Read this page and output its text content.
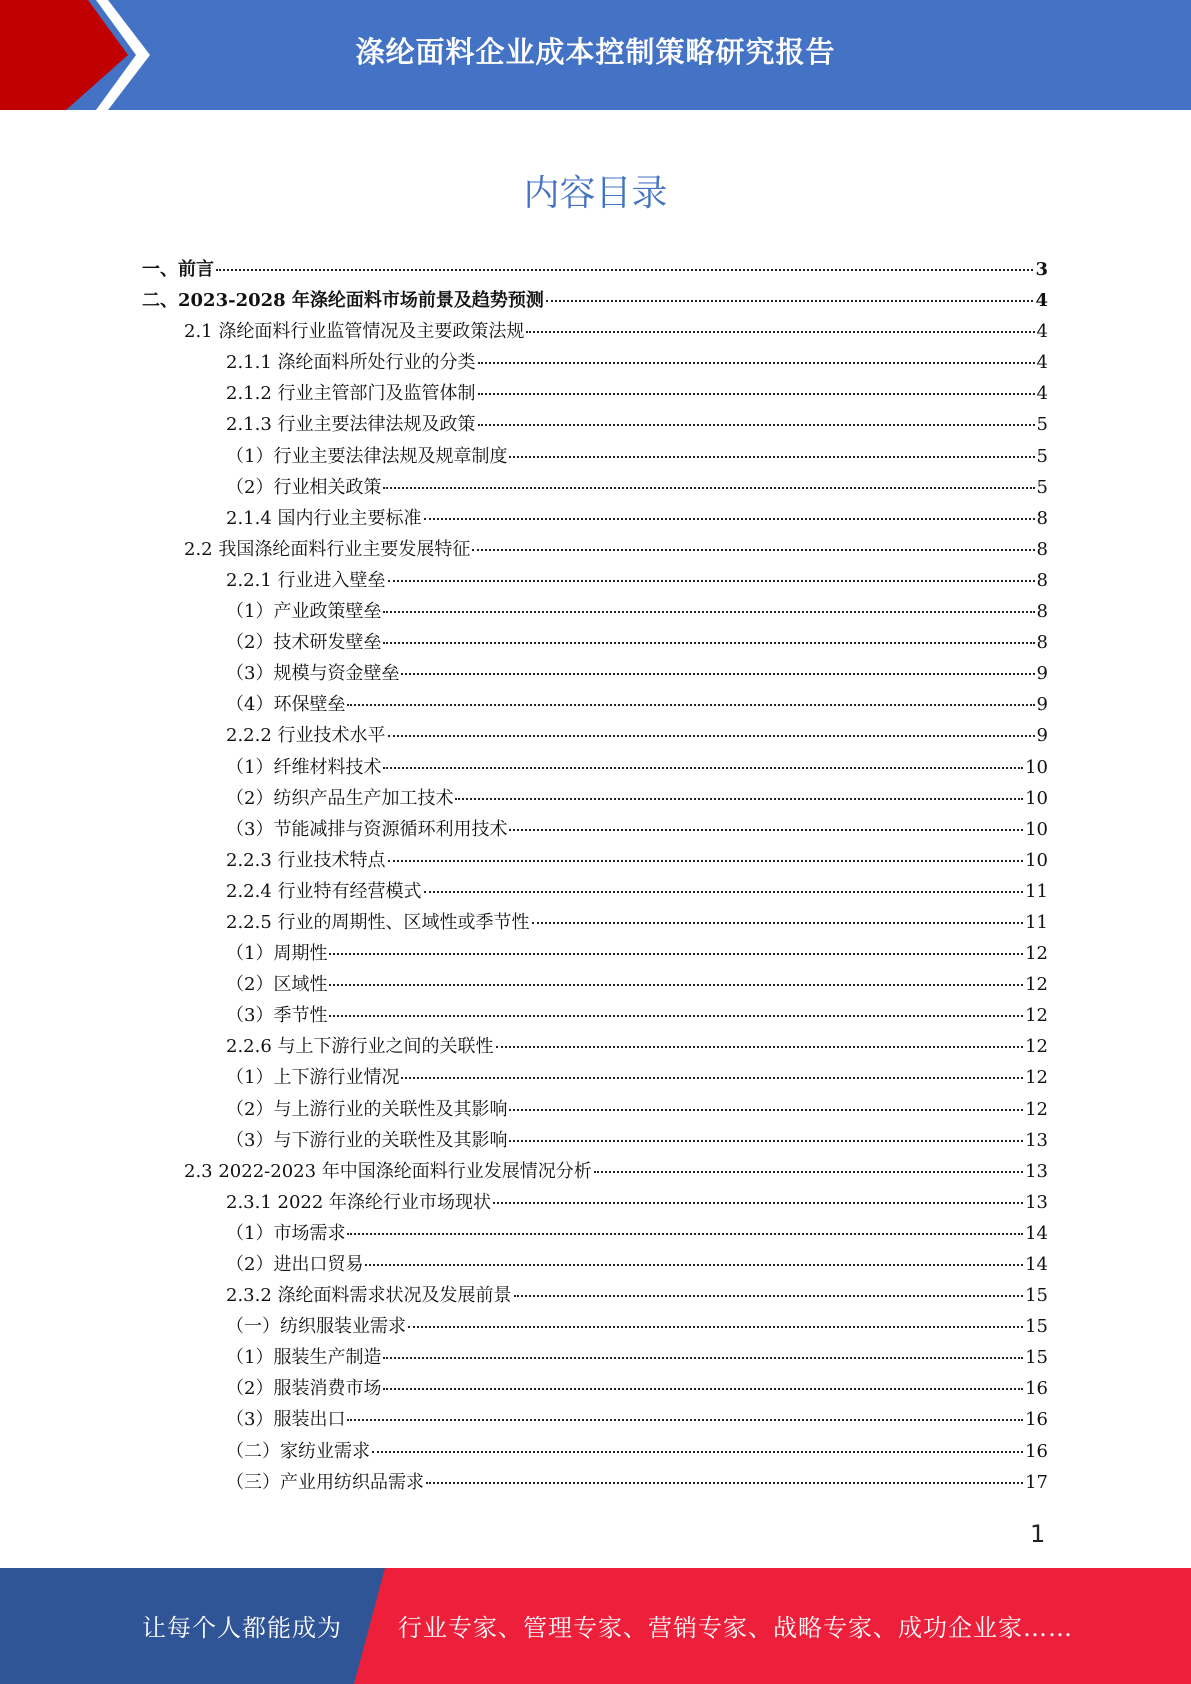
涤纶面料企业成本控制策略研究报告
内容目录
一、前言	3
二、2023-2028 年涤纶面料市场前景及趋势预测	4
2.1 涤纶面料行业监管情况及主要政策法规	4
2.1.1 涤纶面料所处行业的分类	4
2.1.2 行业主管部门及监管体制	4
2.1.3 行业主要法律法规及政策	5
（1）行业主要法律法规及规章制度	5
（2）行业相关政策	5
2.1.4 国内行业主要标准	8
2.2 我国涤纶面料行业主要发展特征	8
2.2.1 行业进入壁垒	8
（1）产业政策壁垒	8
（2）技术研发壁垒	8
（3）规模与资金壁垒	9
（4）环保壁垒	9
2.2.2 行业技术水平	9
（1）纤维材料技术	10
（2）纺织产品生产加工技术	10
（3）节能减排与资源循环利用技术	10
2.2.3 行业技术特点	10
2.2.4 行业特有经营模式	11
2.2.5 行业的周期性、区域性或季节性	11
（1）周期性	12
（2）区域性	12
（3）季节性	12
2.2.6 与上下游行业之间的关联性	12
（1）上下游行业情况	12
（2）与上游行业的关联性及其影响	12
（3）与下游行业的关联性及其影响	13
2.3 2022-2023 年中国涤纶面料行业发展情况分析	13
2.3.1 2022 年涤纶行业市场现状	13
（1）市场需求	14
（2）进出口贸易	14
2.3.2 涤纶面料需求状况及发展前景	15
（一）纺织服装业需求	15
（1）服装生产制造	15
（2）服装消费市场	16
（3）服装出口	16
（二）家纺业需求	16
（三）产业用纺织品需求	17
1
让每个人都能成为 行业专家、管理专家、营销专家、战略专家、成功企业家……
